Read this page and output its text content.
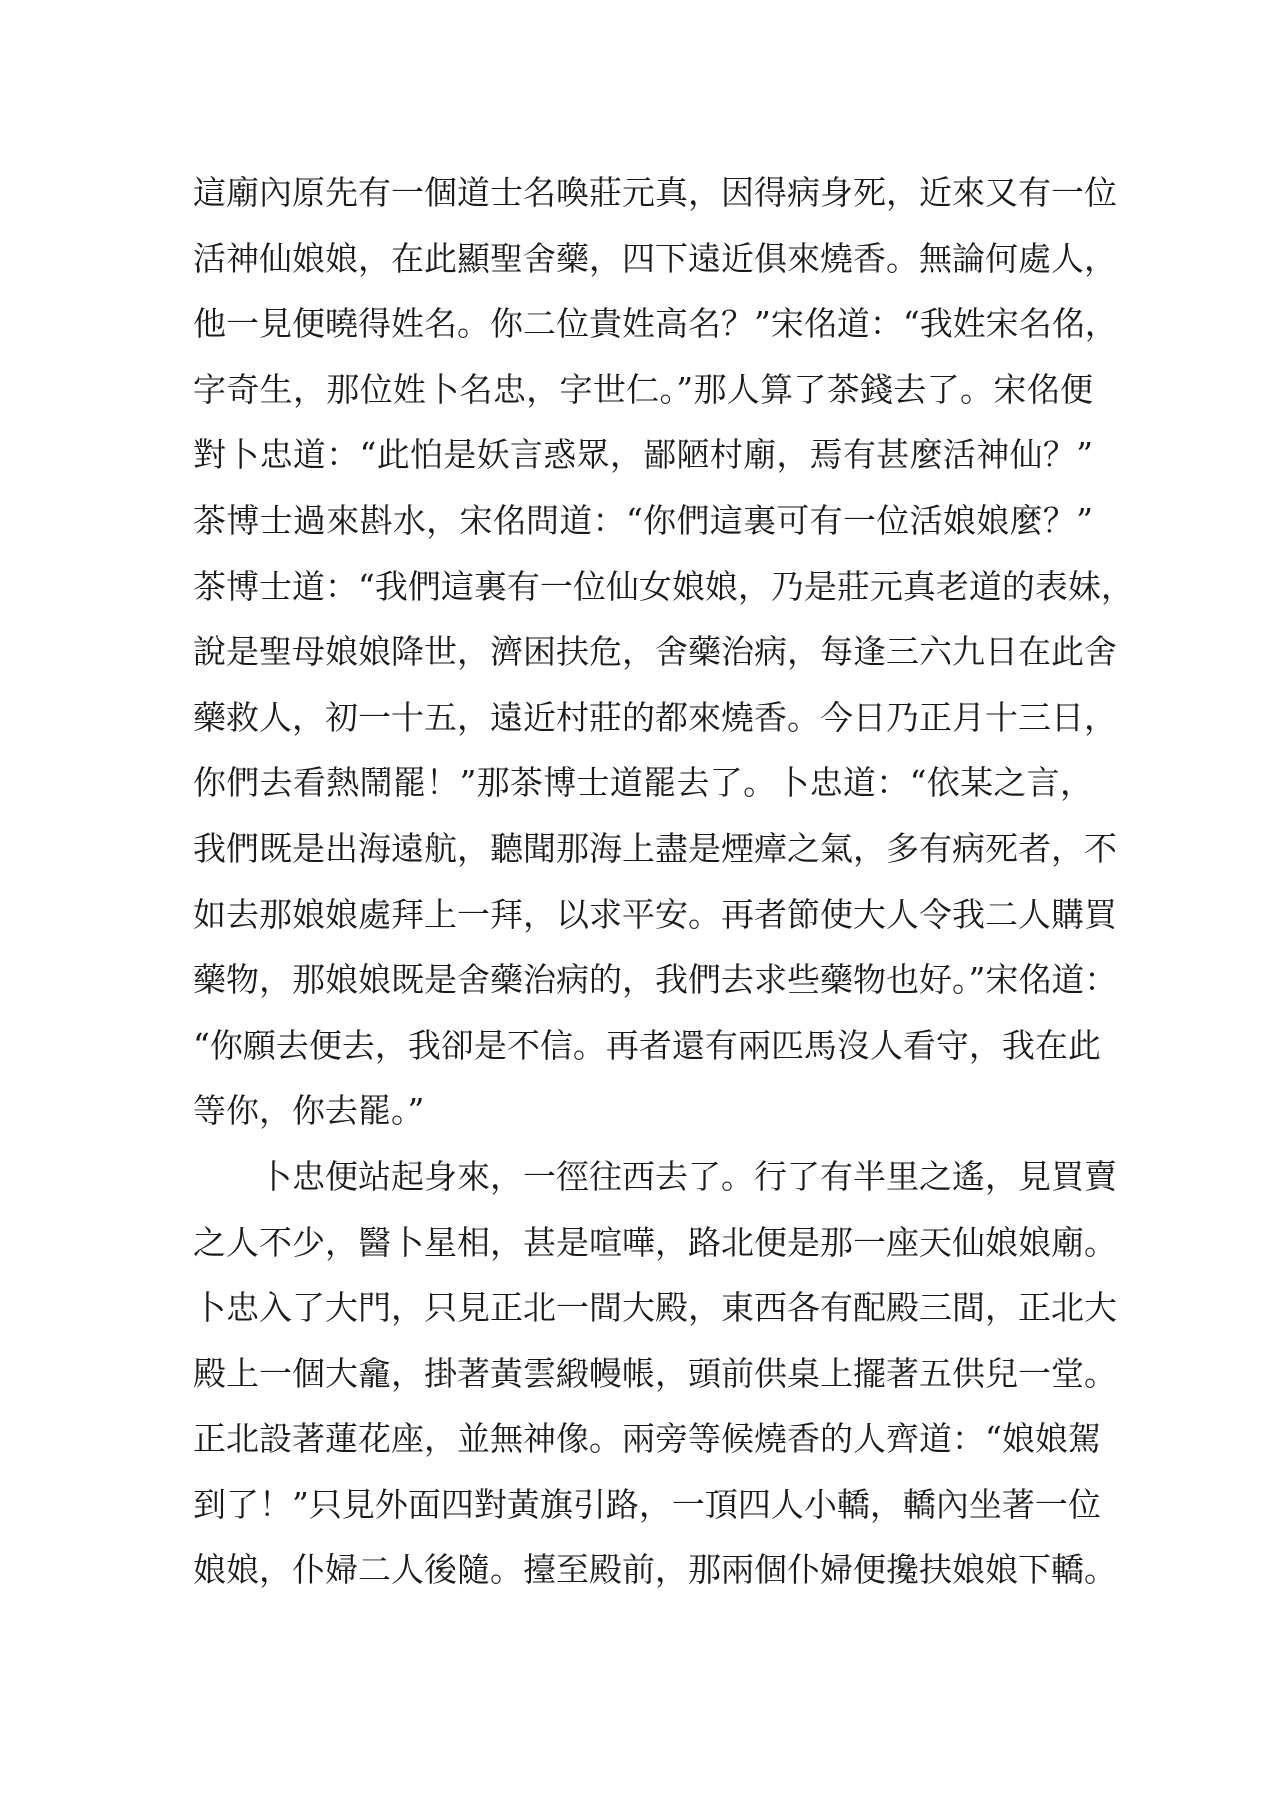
這廟內原先有一個道士名喚莊元真，因得病身死，近來又有一位
活神仙娘娘，在此顯聖舍藥，四下遠近俱來燒香。無論何處人，
他一見便曉得姓名。你二位貴姓高名？”宋佲道：“我姓宋名佲，
字奇生，那位姓卜名忠，字世仁。”那人算了茶錢去了。宋佲便
對卜忠道：“此怕是妖言惑眾，鄙陋村廟，焉有甚麼活神仙？”
茶博士過來斟水，宋佲問道：“你們這裏可有一位活娘娘麼？”
茶博士道：“我們這裏有一位仙女娘娘，乃是莊元真老道的表妹，
說是聖母娘娘降世，濟困扶危，舍藥治病，每逢三六九日在此舍
藥救人，初一十五，遠近村莊的都來燒香。今日乃正月十三日，
你們去看熱鬧罷！”那茶博士道罷去了。卜忠道：“依某之言，
我們既是出海遠航，聽聞那海上盡是煙瘴之氣，多有病死者，不
如去那娘娘處拜上一拜，以求平安。再者節使大人令我二人購買
藥物，那娘娘既是舍藥治病的，我們去求些藥物也好。”宋佲道：
“你願去便去，我卻是不信。再者還有兩匹馬沒人看守，我在此
等你，你去罷。”
卜忠便站起身來，一徑往西去了。行了有半里之遙，見買賣
之人不少，醫卜星相，甚是喧嘩，路北便是那一座天仙娘娘廟。
卜忠入了大門，只見正北一間大殿，東西各有配殿三間，正北大
殿上一個大龕，掛著黃雲緞幔帳，頭前供桌上擺著五供兒一堂。
正北設著蓮花座，並無神像。兩旁等候燒香的人齊道：“娘娘駕
到了！”只見外面四對黃旗引路，一頂四人小轎，轎內坐著一位
娘娘，仆婦二人後隨。擡至殿前，那兩個仆婦便攙扶娘娘下轎。
